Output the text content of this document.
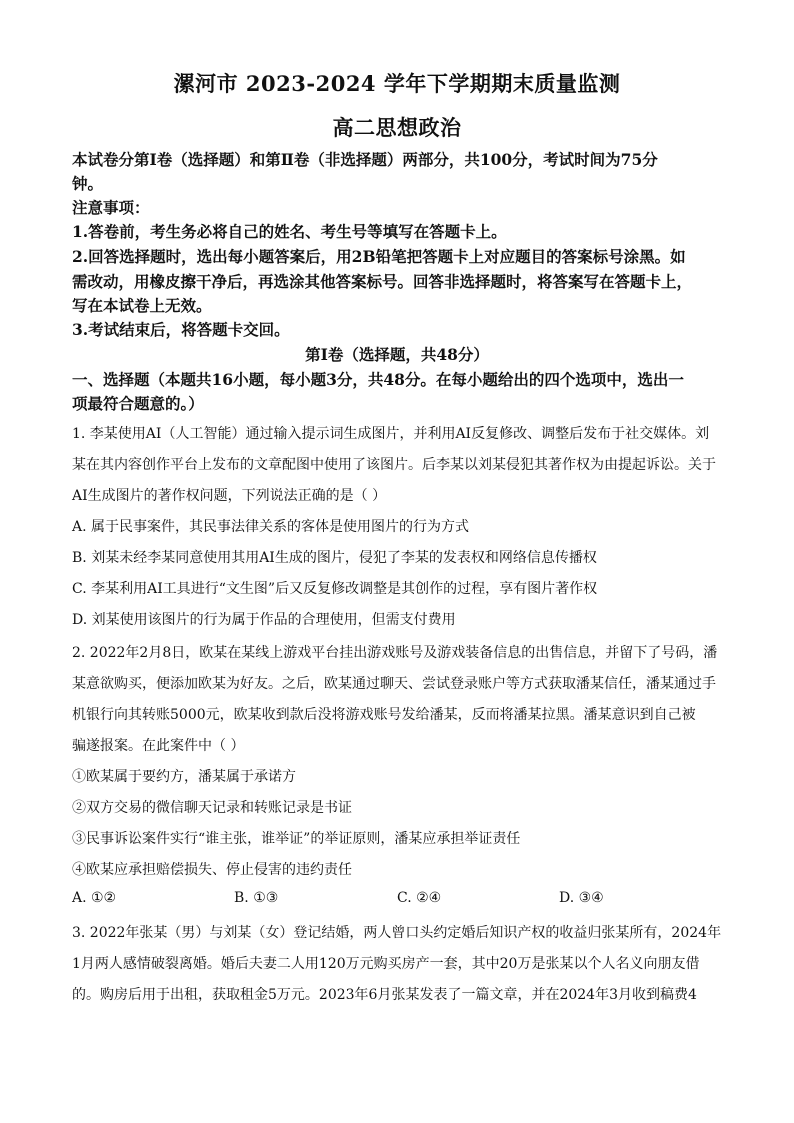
漯河市 2023-2024 学年下学期期末质量监测
高二思想政治
本试卷分第Ⅰ卷（选择题）和第Ⅱ卷（非选择题）两部分，共100分，考试时间为75分
钟。
注意事项：
1.答卷前，考生务必将自己的姓名、考生号等填写在答题卡上。
2.回答选择题时，选出每小题答案后，用2B铅笔把答题卡上对应题目的答案标号涂黑。如
需改动，用橡皮擦干净后，再选涂其他答案标号。回答非选择题时，将答案写在答题卡上，
写在本试卷上无效。
3.考试结束后，将答题卡交回。
第Ⅰ卷（选择题，共48分）
一、选择题（本题共16小题，每小题3分，共48分。在每小题给出的四个选项中，选出一
项最符合题意的。）
1. 李某使用AI（人工智能）通过输入提示词生成图片，并利用AI反复修改、调整后发布于社交媒体。刘
某在其内容创作平台上发布的文章配图中使用了该图片。后李某以刘某侵犯其著作权为由提起诉讼。关于
AI生成图片的著作权问题，下列说法正确的是（ ）
A. 属于民事案件，其民事法律关系的客体是使用图片的行为方式
B. 刘某未经李某同意使用其用AI生成的图片，侵犯了李某的发表权和网络信息传播权
C. 李某利用AI工具进行“文生图”后又反复修改调整是其创作的过程，享有图片著作权
D. 刘某使用该图片的行为属于作品的合理使用，但需支付费用
2. 2022年2月8日，欧某在某线上游戏平台挂出游戏账号及游戏装备信息的出售信息，并留下了号码，潘
某意欲购买，便添加欧某为好友。之后，欧某通过聊天、尝试登录账户等方式获取潘某信任，潘某通过手
机银行向其转账5000元，欧某收到款后没将游戏账号发给潘某，反而将潘某拉黑。潘某意识到自己被
骗遂报案。在此案件中（ ）
①欧某属于要约方，潘某属于承诺方
②双方交易的微信聊天记录和转账记录是书证
③民事诉讼案件实行“谁主张，谁举证”的举证原则，潘某应承担举证责任
④欧某应承担赔偿损失、停止侵害的违约责任
A. ①②	B. ①③	C. ②④	D. ③④
3. 2022年张某（男）与刘某（女）登记结婚，两人曾口头约定婚后知识产权的收益归张某所有，2024年
1月两人感情破裂离婚。婚后夫妻二人用120万元购买房产一套，其中20万是张某以个人名义向朋友借
的。购房后用于出租，获取租金5万元。2023年6月张某发表了一篇文章，并在2024年3月收到稿费4
